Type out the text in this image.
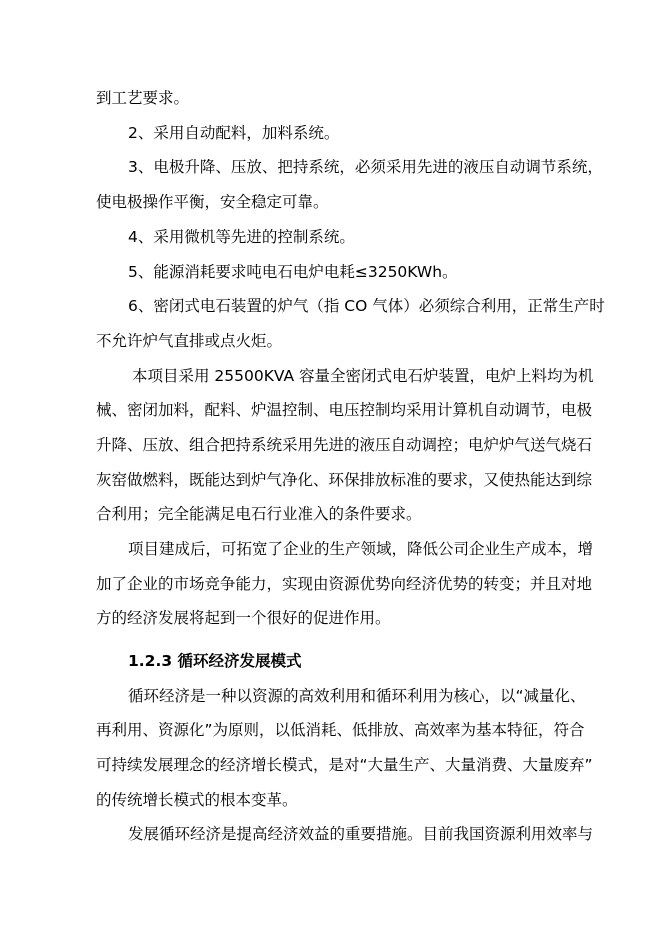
到工艺要求。
2、采用自动配料，加料系统。
3、电极升降、压放、把持系统，必须采用先进的液压自动调节系统，
使电极操作平衡，安全稳定可靠。
4、采用微机等先进的控制系统。
5、能源消耗要求吨电石电炉电耗≤3250KWh。
6、密闭式电石装置的炉气（指 CO 气体）必须综合利用，正常生产时
不允许炉气直排或点火炬。
本项目采用 25500KVA 容量全密闭式电石炉装置，电炉上料均为机
械、密闭加料，配料、炉温控制、电压控制均采用计算机自动调节，电极
升降、压放、组合把持系统采用先进的液压自动调控；电炉炉气送气烧石
灰窑做燃料，既能达到炉气净化、环保排放标准的要求，又使热能达到综
合利用；完全能满足电石行业准入的条件要求。
项目建成后，可拓宽了企业的生产领域，降低公司企业生产成本，增
加了企业的市场竞争能力，实现由资源优势向经济优势的转变；并且对地
方的经济发展将起到一个很好的促进作用。
1.2.3 循环经济发展模式
循环经济是一种以资源的高效利用和循环利用为核心，以“减量化、
再利用、资源化”为原则，以低消耗、低排放、高效率为基本特征，符合
可持续发展理念的经济增长模式，是对“大量生产、大量消费、大量废弃”
的传统增长模式的根本变革。
发展循环经济是提高经济效益的重要措施。目前我国资源利用效率与
